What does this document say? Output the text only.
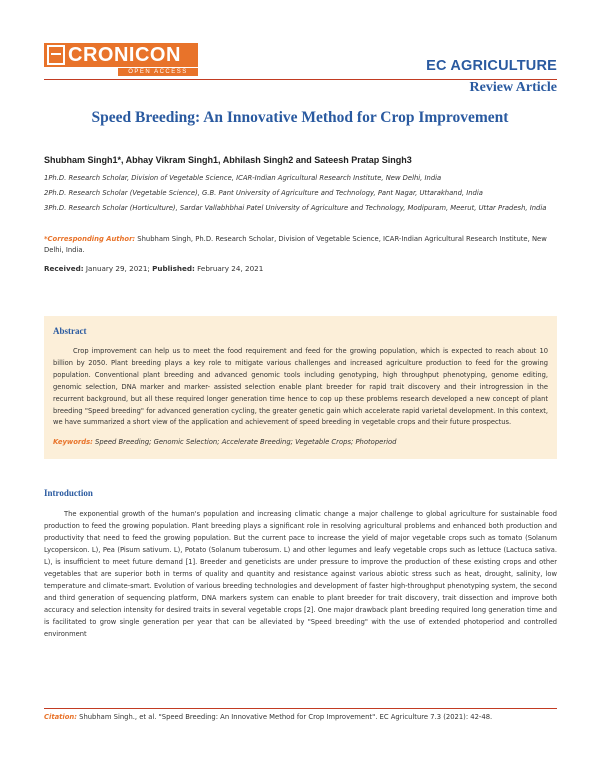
CRONICON
OPEN ACCESS	EC AGRICULTURE
Review Article
Speed Breeding: An Innovative Method for Crop Improvement
Shubham Singh1*, Abhay Vikram Singh1, Abhilash Singh2 and Sateesh Pratap Singh3
1Ph.D. Research Scholar, Division of Vegetable Science, ICAR-Indian Agricultural Research Institute, New Delhi, India
2Ph.D. Research Scholar (Vegetable Science), G.B. Pant University of Agriculture and Technology, Pant Nagar, Uttarakhand, India
3Ph.D. Research Scholar (Horticulture), Sardar Vallabhbhai Patel University of Agriculture and Technology, Modipuram, Meerut, Uttar Pradesh, India
*Corresponding Author: Shubham Singh, Ph.D. Research Scholar, Division of Vegetable Science, ICAR-Indian Agricultural Research Institute, New Delhi, India.
Received: January 29, 2021; Published: February 24, 2021
Abstract
Crop improvement can help us to meet the food requirement and feed for the growing population, which is expected to reach about 10 billion by 2050. Plant breeding plays a key role to mitigate various challenges and increased agriculture production to feed for the growing population. Conventional plant breeding and advanced genomic tools including genotyping, high throughput phenotyping, genome editing, genomic selection, DNA marker and marker- assisted selection enable plant breeder for rapid trait discovery and their introgression in the recurrent background, but all these required longer generation time hence to cop up these problems research developed a new concept of plant breeding "Speed breeding" for advanced generation cycling, the greater genetic gain which accelerate rapid varietal development. In this context, we have summarized a short view of the application and achievement of speed breeding in vegetable crops and their future prospectus.
Keywords: Speed Breeding; Genomic Selection; Accelerate Breeding; Vegetable Crops; Photoperiod
Introduction
The exponential growth of the human's population and increasing climatic change a major challenge to global agriculture for sustainable food production to feed the growing population. Plant breeding plays a significant role in resolving agricultural problems and enhanced both production and productivity that need to feed the growing population. But the current pace to increase the yield of major vegetable crops such as tomato (Solanum Lycopersicon. L), Pea (Pisum sativum. L), Potato (Solanum tuberosum. L) and other legumes and leafy vegetable crops such as lettuce (Lactuca sativa. L), is insufficient to meet future demand [1]. Breeder and geneticists are under pressure to improve the production of these existing crops and other vegetables that are superior both in terms of quality and quantity and resistance against various abiotic stress such as heat, drought, salinity, low temperature and climate-smart. Evolution of various breeding technologies and development of faster high-throughput phenotyping system, the second and third generation of sequencing platform, DNA markers system can enable to plant breeder for trait discovery, trait dissection and improve both accuracy and selection intensity for desired traits in several vegetable crops [2]. One major drawback plant breeding required long generation time and is facilitated to grow single generation per year that can be alleviated by "Speed breeding" with the use of extended photoperiod and controlled environment
Citation: Shubham Singh., et al. "Speed Breeding: An Innovative Method for Crop Improvement". EC Agriculture 7.3 (2021): 42-48.
